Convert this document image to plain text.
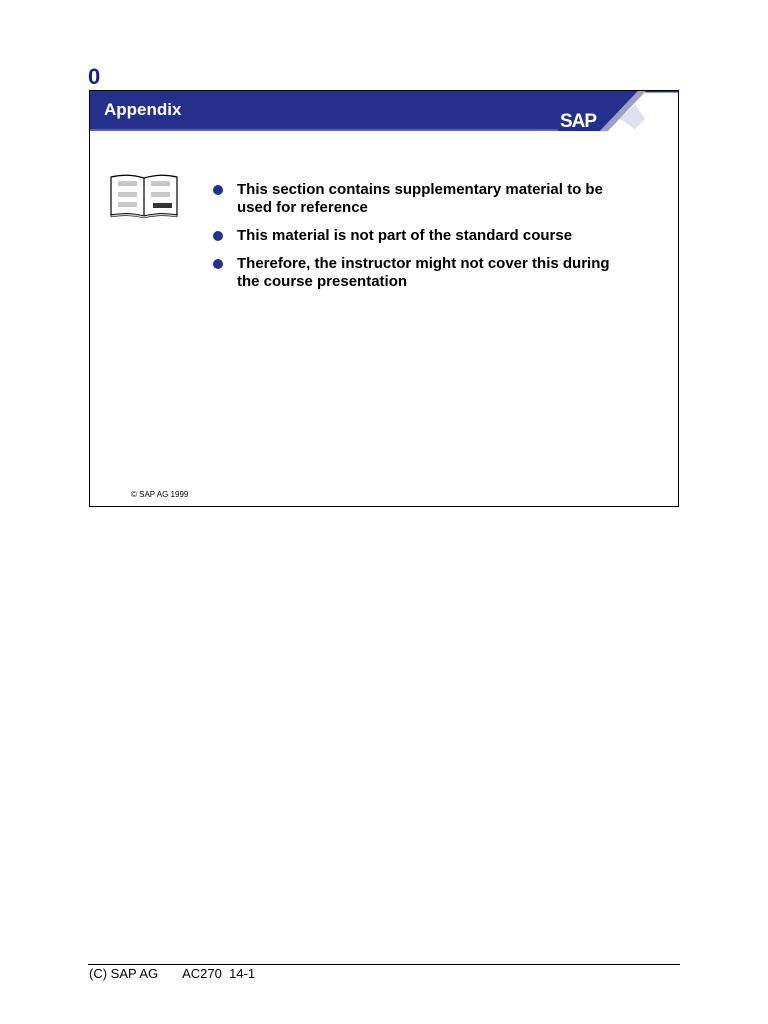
0
SAP
Appendix
This section contains supplementary material to be used for reference
This material is not part of the standard course
Therefore, the instructor might not cover this during the course presentation
© SAP AG 1999
(C) SAP AG AC270  14-1
